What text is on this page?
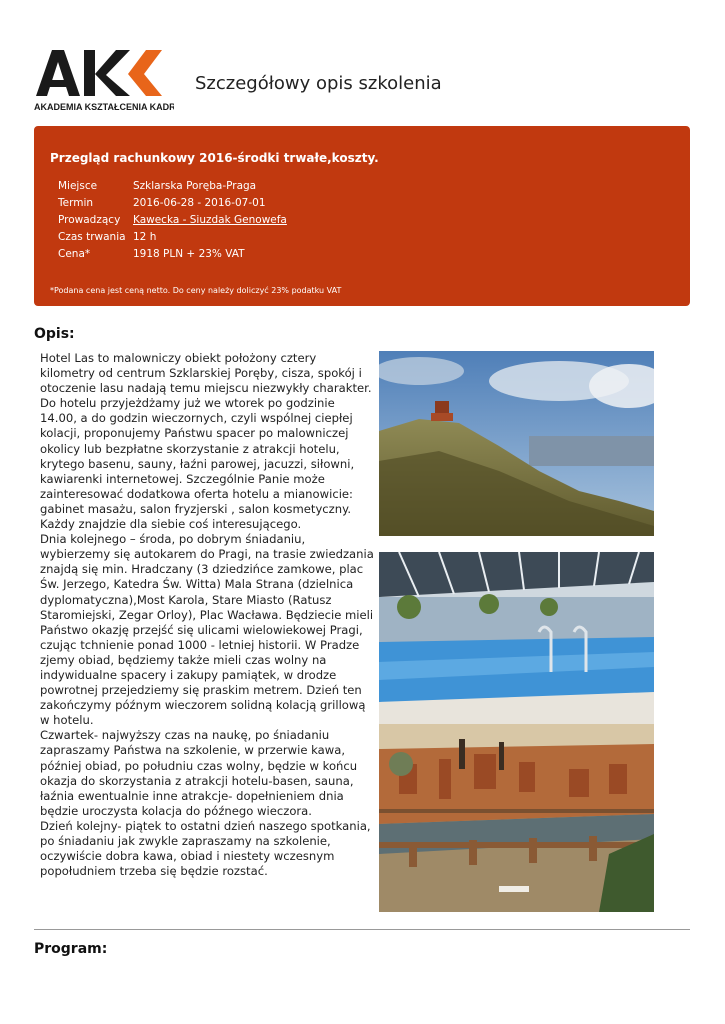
AKADEMIA KSZTAŁCENIA KADR
Szczegółowy opis szkolenia
Przegląd rachunkowy 2016-środki trwałe,koszty.
Miejsce	Szklarska Poręba-Praga
Termin	2016-06-28 - 2016-07-01
Prowadzący	Kawecka - Siuzdak Genowefa
Czas trwania 12 h
Cena*	1918 PLN + 23% VAT
*Podana cena jest ceną netto. Do ceny należy doliczyć 23% podatku VAT
Opis:

Hotel Las to malowniczy obiekt położony cztery kilometry od centrum Szklarskiej Poręby, cisza, spokój i otoczenie lasu nadają temu miejscu niezwykły charakter. Do hotelu przyjeżdżamy już we wtorek po godzinie 14.00, a do godzin wieczornych, czyli wspólnej ciepłej kolacji, proponujemy Państwu spacer po malowniczej okolicy lub bezpłatne skorzystanie z atrakcji hotelu, krytego basenu, sauny, łaźni parowej, jacuzzi, siłowni, kawiarenki internetowej. Szczególnie Panie może zainteresować dodatkowa oferta hotelu a mianowicie: gabinet masażu, salon fryzjerski , salon kosmetyczny. Każdy znajdzie dla siebie coś interesującego.

Dnia kolejnego – środa, po dobrym śniadaniu, wybierzemy się autokarem do Pragi, na trasie zwiedzania znajdą się min. Hradczany (3 dziedzińce zamkowe, plac Św. Jerzego, Katedra Św. Witta) Mala Strana (dzielnica dyplomatyczna),Most Karola, Stare Miasto (Ratusz Staromiejski, Zegar Orloy), Plac Wacława. Będziecie mieli Państwo okazję przejść się ulicami wielowiekowej Pragi, czując tchnienie ponad 1000 - letniej historii. W Pradze zjemy obiad, będziemy także mieli czas wolny na indywidualne spacery i zakupy pamiątek, w drodze powrotnej przejedziemy się praskim metrem. Dzień ten zakończymy późnym wieczorem solidną kolacją grillową w hotelu.

Czwartek- najwyższy czas na naukę, po śniadaniu zapraszamy Państwa na szkolenie, w przerwie kawa, później obiad, po południu czas wolny, będzie w końcu okazja do skorzystania z atrakcji hotelu-basen, sauna, łaźnia ewentualnie inne atrakcje- dopełnieniem dnia będzie uroczysta kolacja do późnego wieczora.

Dzień kolejny- piątek to ostatni dzień naszego spotkania, po śniadaniu jak zwykle zapraszamy na szkolenie, oczywiście dobra kawa, obiad i niestety wczesnym popołudniem trzeba się będzie rozstać.

Program:
